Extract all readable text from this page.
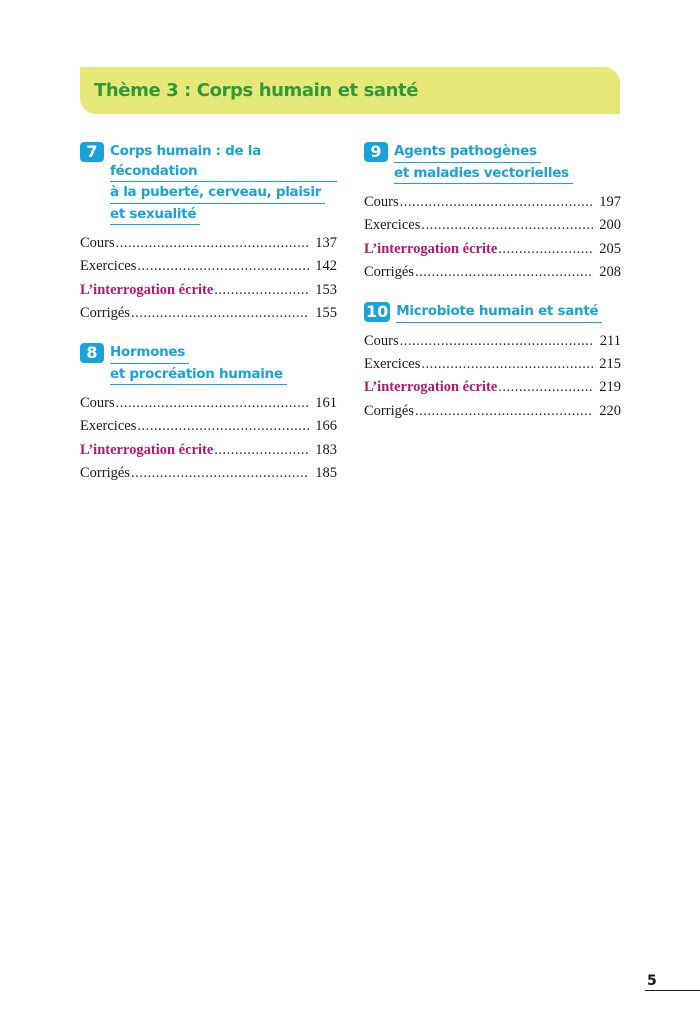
Thème 3 : Corps humain et santé
7 Corps humain : de la fécondation
à la puberté, cerveau, plaisir
et sexualité
Cours .....	137
Exercices .....	142
L’interrogation écrite .....	153
Corrigés .....	155
8 Hormones
et procréation humaine
Cours .....	161
Exercices .....	166
L’interrogation écrite .....	183
Corrigés .....	185
9 Agents pathogènes
et maladies vectorielles
Cours .....	197
Exercices .....	200
L’interrogation écrite .....	205
Corrigés .....	208
10 Microbiote humain et santé
Cours .....	211
Exercices .....	215
L’interrogation écrite .....	219
Corrigés .....	220
5
